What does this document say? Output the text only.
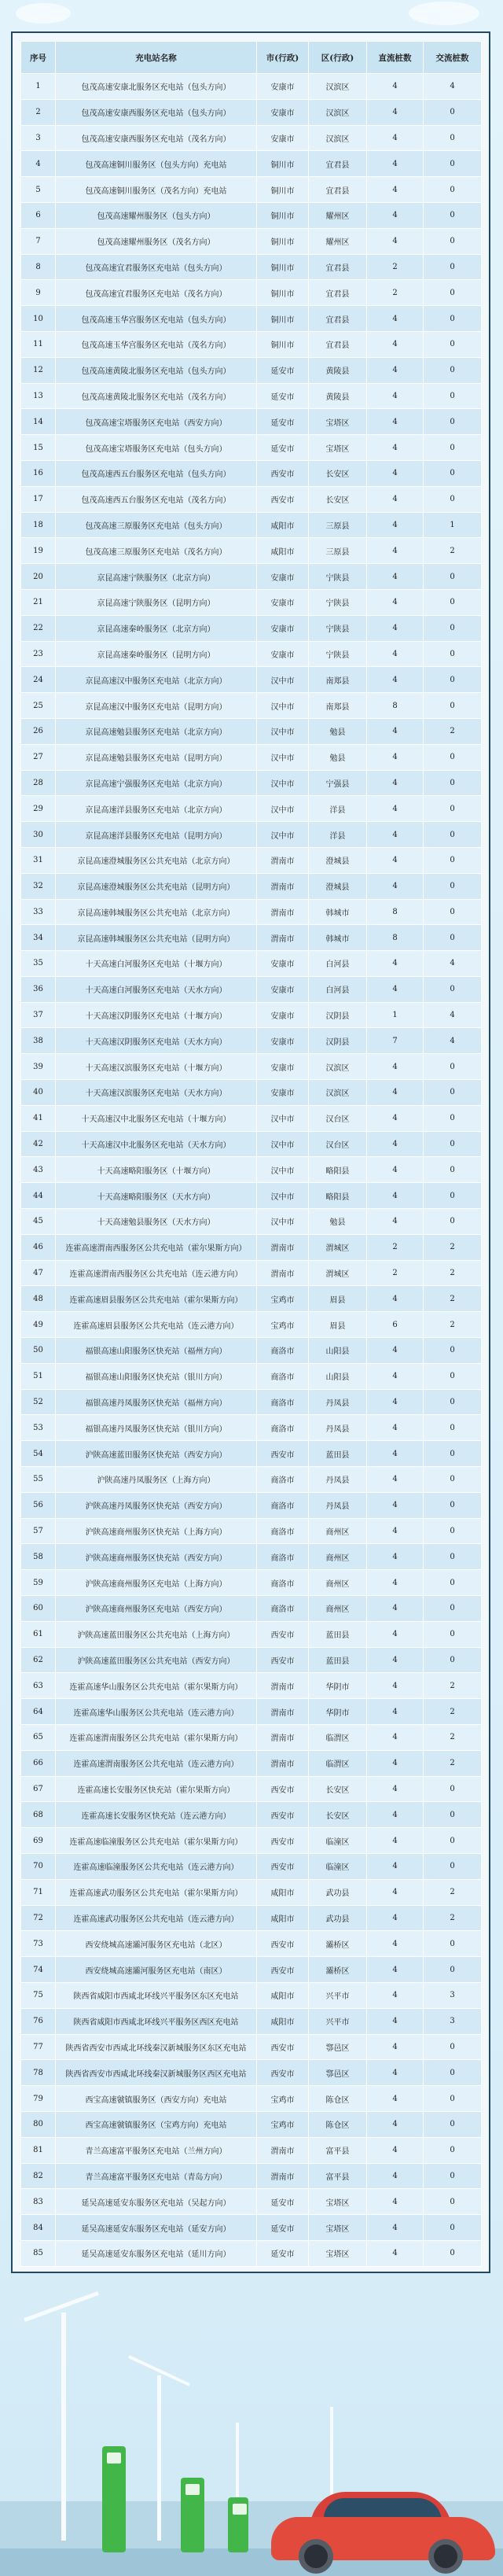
序号	充电站名称	市(行政)	区(行政)	直流桩数	交流桩数
1	包茂高速安康北服务区充电站（包头方向）	安康市	汉滨区	4	4
2	包茂高速安康西服务区充电站（包头方向）	安康市	汉滨区	4	0
3	包茂高速安康西服务区充电站（茂名方向）	安康市	汉滨区	4	0
4	包茂高速铜川服务区（包头方向）充电站	铜川市	宜君县	4	0
5	包茂高速铜川服务区（茂名方向）充电站	铜川市	宜君县	4	0
6	包茂高速耀州服务区（包头方向）	铜川市	耀州区	4	0
7	包茂高速耀州服务区（茂名方向）	铜川市	耀州区	4	0
8	包茂高速宜君服务区充电站（包头方向）	铜川市	宜君县	2	0
9	包茂高速宜君服务区充电站（茂名方向）	铜川市	宜君县	2	0
10	包茂高速玉华宫服务区充电站（包头方向）	铜川市	宜君县	4	0
11	包茂高速玉华宫服务区充电站（茂名方向）	铜川市	宜君县	4	0
12	包茂高速黄陵北服务区充电站（包头方向）	延安市	黄陵县	4	0
13	包茂高速黄陵北服务区充电站（茂名方向）	延安市	黄陵县	4	0
14	包茂高速宝塔服务区充电站（西安方向）	延安市	宝塔区	4	0
15	包茂高速宝塔服务区充电站（包头方向）	延安市	宝塔区	4	0
16	包茂高速西五台服务区充电站（包头方向）	西安市	长安区	4	0
17	包茂高速西五台服务区充电站（茂名方向）	西安市	长安区	4	0
18	包茂高速三原服务区充电站（包头方向）	咸阳市	三原县	4	1
19	包茂高速三原服务区充电站（茂名方向）	咸阳市	三原县	4	2
20	京昆高速宁陕服务区（北京方向）	安康市	宁陕县	4	0
21	京昆高速宁陕服务区（昆明方向）	安康市	宁陕县	4	0
22	京昆高速秦岭服务区（北京方向）	安康市	宁陕县	4	0
23	京昆高速秦岭服务区（昆明方向）	安康市	宁陕县	4	0
24	京昆高速汉中服务区充电站（北京方向）	汉中市	南郑县	4	0
25	京昆高速汉中服务区充电站（昆明方向）	汉中市	南郑县	8	0
26	京昆高速勉县服务区充电站（北京方向）	汉中市	勉县	4	2
27	京昆高速勉县服务区充电站（昆明方向）	汉中市	勉县	4	0
28	京昆高速宁强服务区充电站（北京方向）	汉中市	宁强县	4	0
29	京昆高速洋县服务区充电站（北京方向）	汉中市	洋县	4	0
30	京昆高速洋县服务区充电站（昆明方向）	汉中市	洋县	4	0
31	京昆高速澄城服务区公共充电站（北京方向）	渭南市	澄城县	4	0
32	京昆高速澄城服务区公共充电站（昆明方向）	渭南市	澄城县	4	0
33	京昆高速韩城服务区公共充电站（北京方向）	渭南市	韩城市	8	0
34	京昆高速韩城服务区公共充电站（昆明方向）	渭南市	韩城市	8	0
35	十天高速白河服务区充电站（十堰方向）	安康市	白河县	4	4
36	十天高速白河服务区充电站（天水方向）	安康市	白河县	4	0
37	十天高速汉阴服务区充电站（十堰方向）	安康市	汉阴县	1	4
38	十天高速汉阴服务区充电站（天水方向）	安康市	汉阴县	7	4
39	十天高速汉滨服务区充电站（十堰方向）	安康市	汉滨区	4	0
40	十天高速汉滨服务区充电站（天水方向）	安康市	汉滨区	4	0
41	十天高速汉中北服务区充电站（十堰方向）	汉中市	汉台区	4	0
42	十天高速汉中北服务区充电站（天水方向）	汉中市	汉台区	4	0
43	十天高速略阳服务区（十堰方向）	汉中市	略阳县	4	0
44	十天高速略阳服务区（天水方向）	汉中市	略阳县	4	0
45	十天高速勉县服务区（天水方向）	汉中市	勉县	4	0
46	连霍高速渭南西服务区公共充电站（霍尔果斯方向）	渭南市	渭城区	2	2
47	连霍高速渭南西服务区公共充电站（连云港方向）	渭南市	渭城区	2	2
48	连霍高速眉县服务区公共充电站（霍尔果斯方向）	宝鸡市	眉县	4	2
49	连霍高速眉县服务区公共充电站（连云港方向）	宝鸡市	眉县	6	2
50	福银高速山阳服务区快充站（福州方向）	商洛市	山阳县	4	0
51	福银高速山阳服务区快充站（银川方向）	商洛市	山阳县	4	0
52	福银高速丹凤服务区快充站（福州方向）	商洛市	丹凤县	4	0
53	福银高速丹凤服务区快充站（银川方向）	商洛市	丹凤县	4	0
54	沪陕高速蓝田服务区快充站（西安方向）	西安市	蓝田县	4	0
55	沪陕高速丹凤服务区（上海方向）	商洛市	丹凤县	4	0
56	沪陕高速丹凤服务区快充站（西安方向）	商洛市	丹凤县	4	0
57	沪陕高速商州服务区快充站（上海方向）	商洛市	商州区	4	0
58	沪陕高速商州服务区快充站（西安方向）	商洛市	商州区	4	0
59	沪陕高速商州服务区充电站（上海方向）	商洛市	商州区	4	0
60	沪陕高速商州服务区充电站（西安方向）	商洛市	商州区	4	0
61	沪陕高速蓝田服务区公共充电站（上海方向）	西安市	蓝田县	4	0
62	沪陕高速蓝田服务区公共充电站（西安方向）	西安市	蓝田县	4	0
63	连霍高速华山服务区公共充电站（霍尔果斯方向）	渭南市	华阴市	4	2
64	连霍高速华山服务区公共充电站（连云港方向）	渭南市	华阴市	4	2
65	连霍高速渭南服务区公共充电站（霍尔果斯方向）	渭南市	临渭区	4	2
66	连霍高速渭南服务区公共充电站（连云港方向）	渭南市	临渭区	4	2
67	连霍高速长安服务区快充站（霍尔果斯方向）	西安市	长安区	4	0
68	连霍高速长安服务区快充站（连云港方向）	西安市	长安区	4	0
69	连霍高速临潼服务区公共充电站（霍尔果斯方向）	西安市	临潼区	4	0
70	连霍高速临潼服务区公共充电站（连云港方向）	西安市	临潼区	4	0
71	连霍高速武功服务区公共充电站（霍尔果斯方向）	咸阳市	武功县	4	2
72	连霍高速武功服务区公共充电站（连云港方向）	咸阳市	武功县	4	2
73	西安绕城高速灞河服务区充电站（北区）	西安市	灞桥区	4	0
74	西安绕城高速灞河服务区充电站（南区）	西安市	灞桥区	4	0
75	陕西省咸阳市西咸北环线兴平服务区东区充电站	咸阳市	兴平市	4	3
76	陕西省咸阳市西咸北环线兴平服务区西区充电站	咸阳市	兴平市	4	3
77	陕西省西安市西咸北环线秦汉新城服务区东区充电站	西安市	鄠邑区	4	0
78	陕西省西安市西咸北环线秦汉新城服务区西区充电站	西安市	鄠邑区	4	0
79	西宝高速虢镇服务区（西安方向）充电站	宝鸡市	陈仓区	4	0
80	西宝高速虢镇服务区（宝鸡方向）充电站	宝鸡市	陈仓区	4	0
81	青兰高速富平服务区充电站（兰州方向）	渭南市	富平县	4	0
82	青兰高速富平服务区充电站（青岛方向）	渭南市	富平县	4	0
83	延吴高速延安东服务区充电站（吴起方向）	延安市	宝塔区	4	0
84	延吴高速延安东服务区充电站（延安方向）	延安市	宝塔区	4	0
85	延吴高速延安东服务区充电站（延川方向）	延安市	宝塔区	4	0
